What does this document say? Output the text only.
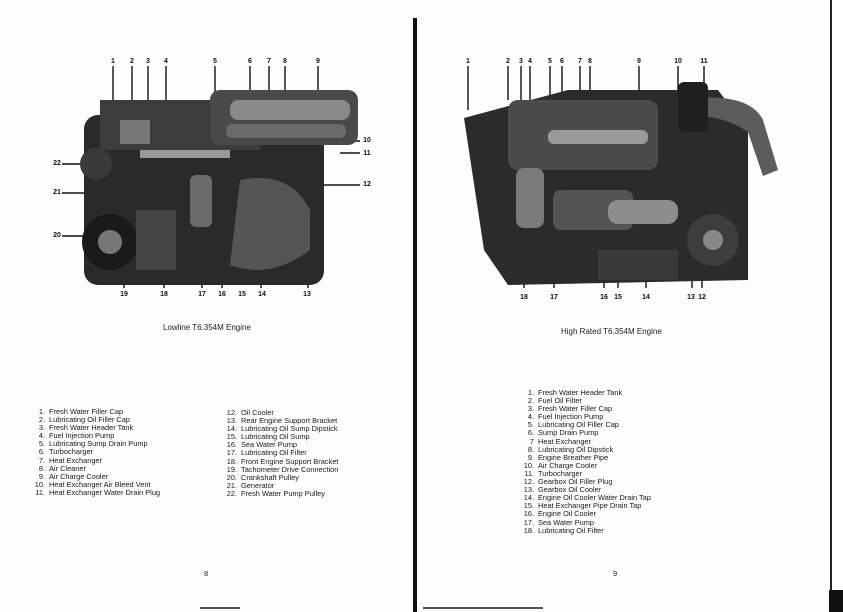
1	2	3	4	5	6	7	8	9
10
11
12
22
21
20
19	18	17	16	15	14	13
Lowline T6.354M Engine
1. Fresh Water Filler Cap
2. Lubricating Oil Filler Cap
3. Fresh Water Header Tank
4. Fuel Injection Pump
5. Lubricating Sump Drain Pump
6. Turbocharger
7. Heat Exchanger
8. Air Cleaner
9. Air Charge Cooler
10. Heat Exchanger Air Bleed Vent
11. Heat Exchanger Water Drain Plug
12. Oil Cooler
13. Rear Engine Support Bracket
14. Lubricating Oil Sump Dipstick
15. Lubricating Oil Sump
16. Sea Water Pump
17. Lubricating Oil Filter
18. Front Engine Support Bracket
19. Tachometer Drive Connection
20. Crankshaft Pulley
21. Generator
22. Fresh Water Pump Pulley
8
1	2	3 4	5	6	7 8	9	10	11
18	17	16 15	14	13 12
High Rated T6.354M Engine
1. Fresh Water Header Tank
2. Fuel Oil Filter
3. Fresh Water Filler Cap
4. Fuel Injection Pump
5. Lubricating Oil Filler Cap
6. Sump Drain Pump
7 Heat Exchanger
8. Lubricating Oil Dipstick
9. Engine Breather Pipe
10. Air Charge Cooler
11. Turbocharger
12. Gearbox Oil Filler Plug
13. Gearbox Oil Cooler
14. Engine Oil Cooler Water Drain Tap
15. Heat Exchanger Pipe Drain Tap
16. Engine Oil Cooler
17. Sea Water Pump
18. Lubricating Oil Filter
9
